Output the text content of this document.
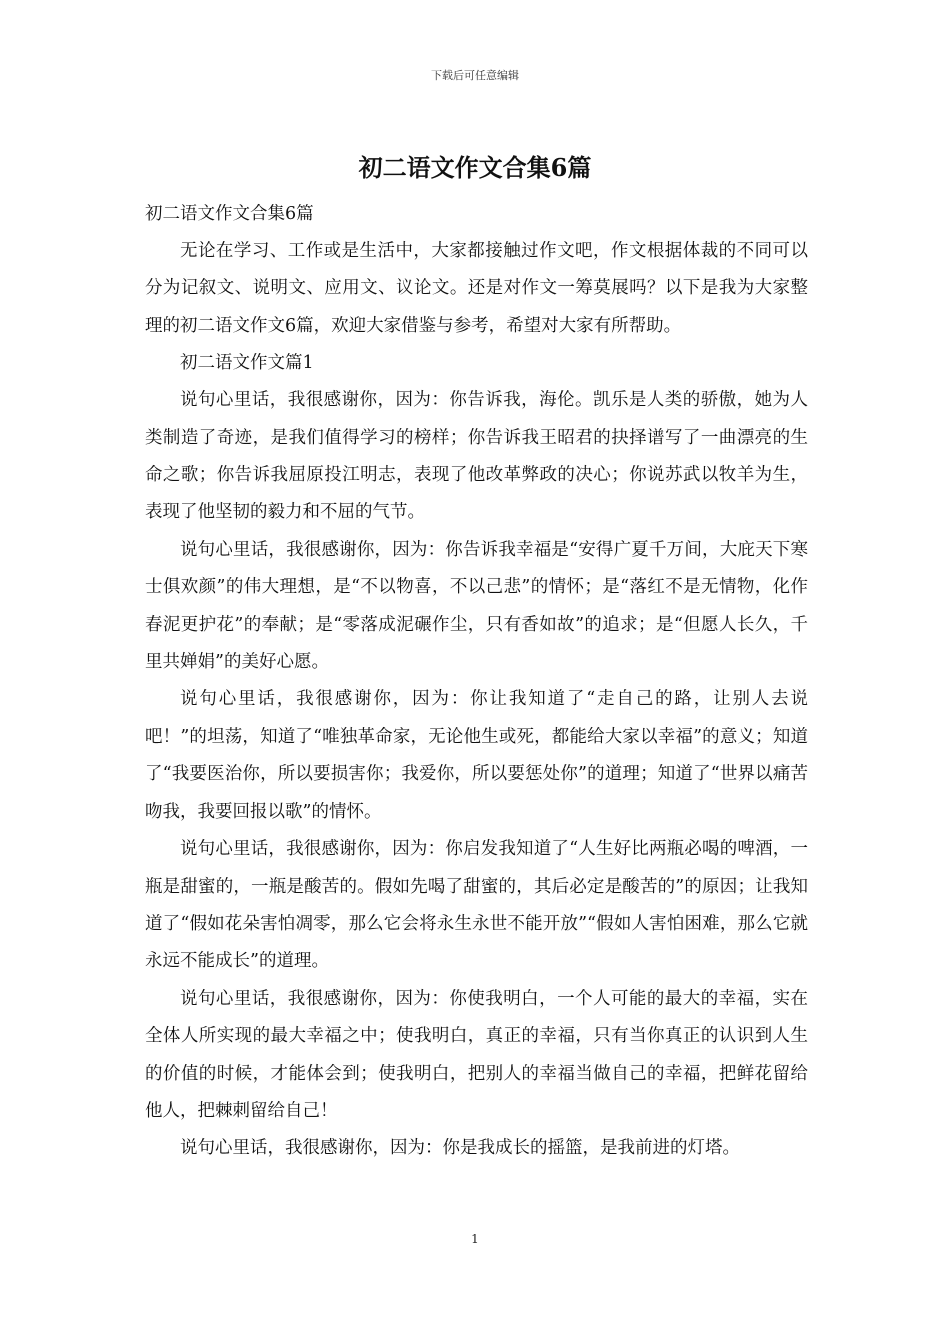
下载后可任意编辑
初二语文作文合集6篇

初二语文作文合集6篇

无论在学习、工作或是生活中，大家都接触过作文吧，作文根据体裁的不同可以分为记叙文、说明文、应用文、议论文。还是对作文一筹莫展吗？以下是我为大家整理的初二语文作文6篇，欢迎大家借鉴与参考，希望对大家有所帮助。

初二语文作文篇1

说句心里话，我很感谢你，因为：你告诉我，海伦。凯乐是人类的骄傲，她为人类制造了奇迹，是我们值得学习的榜样；你告诉我王昭君的抉择谱写了一曲漂亮的生命之歌；你告诉我屈原投江明志，表现了他改革弊政的决心；你说苏武以牧羊为生，表现了他坚韧的毅力和不屈的气节。

说句心里话，我很感谢你，因为：你告诉我幸福是“安得广夏千万间，大庇天下寒士俱欢颜”的伟大理想，是“不以物喜，不以己悲”的情怀；是“落红不是无情物，化作春泥更护花”的奉献；是“零落成泥碾作尘，只有香如故”的追求；是“但愿人长久，千里共婵娟”的美好心愿。

说句心里话，我很感谢你，因为：你让我知道了“走自己的路，让别人去说吧！”的坦荡，知道了“唯独革命家，无论他生或死，都能给大家以幸福”的意义；知道了“我要医治你，所以要损害你；我爱你，所以要惩处你”的道理；知道了“世界以痛苦吻我，我要回报以歌”的情怀。

说句心里话，我很感谢你，因为：你启发我知道了“人生好比两瓶必喝的啤酒，一瓶是甜蜜的，一瓶是酸苦的。假如先喝了甜蜜的，其后必定是酸苦的”的原因；让我知道了“假如花朵害怕凋零，那么它会将永生永世不能开放”“假如人害怕困难，那么它就永远不能成长”的道理。

说句心里话，我很感谢你，因为：你使我明白，一个人可能的最大的幸福，实在全体人所实现的最大幸福之中；使我明白，真正的幸福，只有当你真正的认识到人生的价值的时候，才能体会到；使我明白，把别人的幸福当做自己的幸福，把鲜花留给他人，把棘刺留给自己！

说句心里话，我很感谢你，因为：你是我成长的摇篮，是我前进的灯塔。

1
